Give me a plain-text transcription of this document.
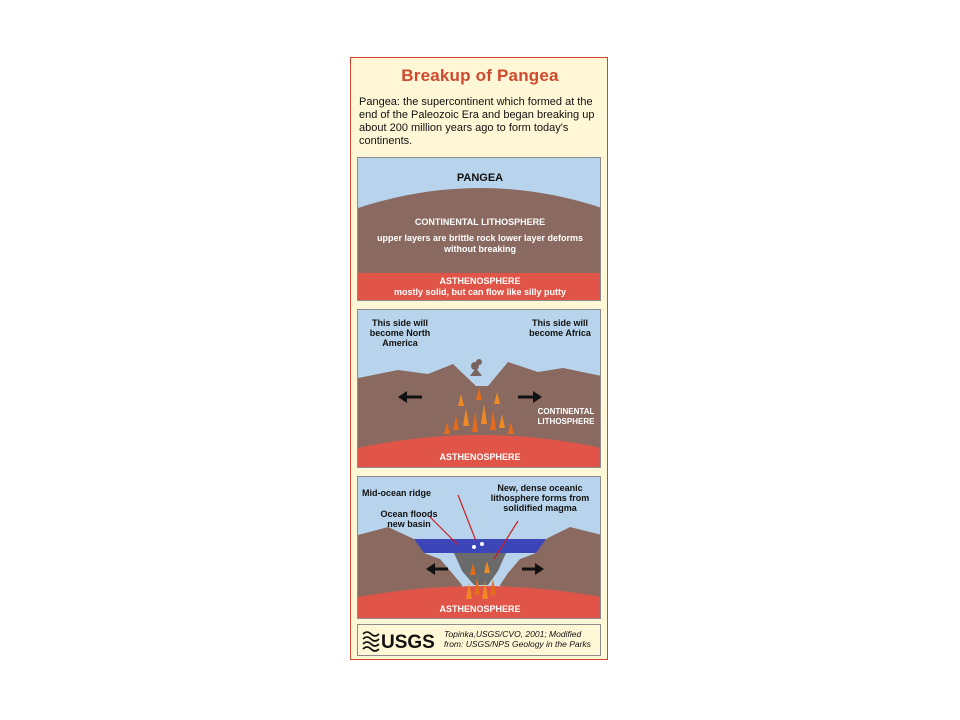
Breakup of Pangea
Pangea: the supercontinent which formed at the end of the Paleozoic Era and began breaking up about 200 million years ago to form today's continents.
PANGEA
CONTINENTAL LITHOSPHERE
upper layers are brittle rock lower layer deforms without breaking
ASTHENOSPHERE
mostly solid, but can flow like silly putty
This side will become North America
This side will become Africa
CONTINENTAL LITHOSPHERE
ASTHENOSPHERE
Mid-ocean ridge
Ocean floods new basin
New, dense oceanic lithosphere forms from solidified magma
ASTHENOSPHERE
USGS Topinka,USGS/CVO, 2001; Modified from: USGS/NPS Geology in the Parks
